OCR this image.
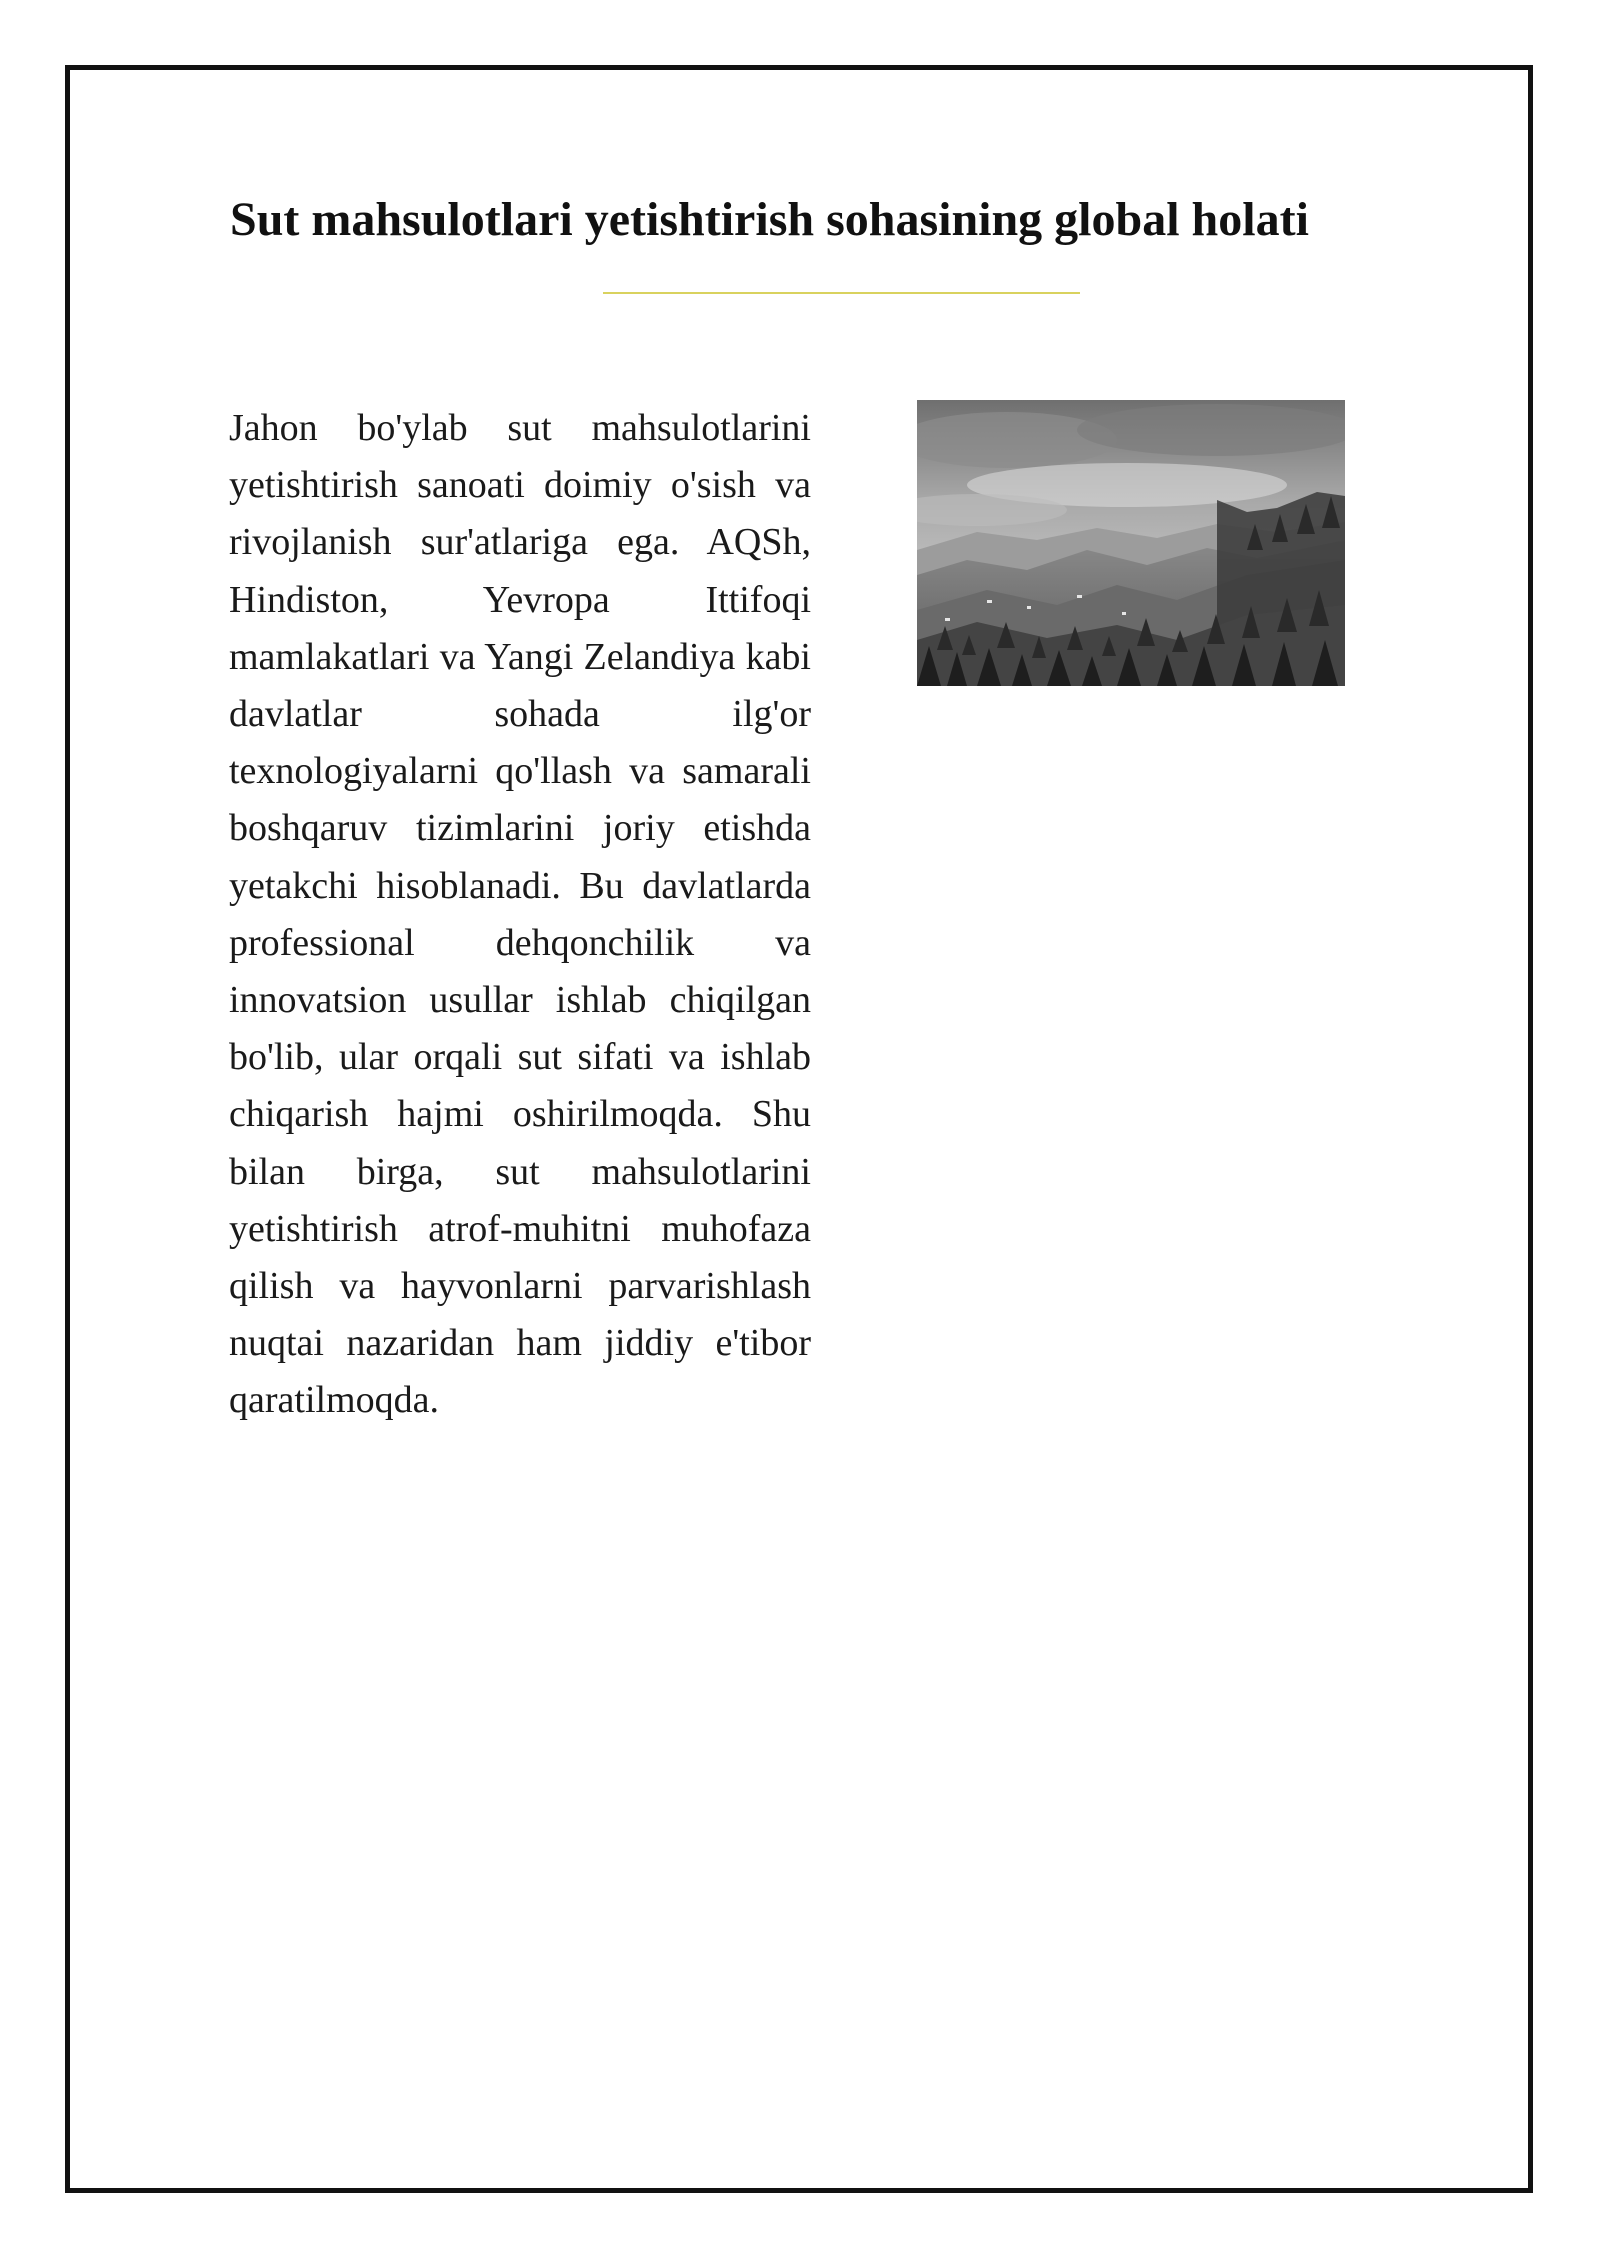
Sut mahsulotlari yetishtirish sohasining global holati

Jahon bo'ylab sut mahsulotlarini yetishtirish sanoati doimiy o'sish va rivojlanish sur'atlariga ega. AQSh, Hindiston, Yevropa Ittifoqi mamlakatlari va Yangi Zelandiya kabi davlatlar sohada ilg'or texnologiyalarni qo'llash va samarali boshqaruv tizimlarini joriy etishda yetakchi hisoblanadi. Bu davlatlarda professional dehqonchilik va innovatsion usullar ishlab chiqilgan bo'lib, ular orqali sut sifati va ishlab chiqarish hajmi oshirilmoqda. Shu bilan birga, sut mahsulotlarini yetishtirish atrof-muhitni muhofaza qilish va hayvonlarni parvarishlash nuqtai nazaridan ham jiddiy e'tibor qaratilmoqda.
